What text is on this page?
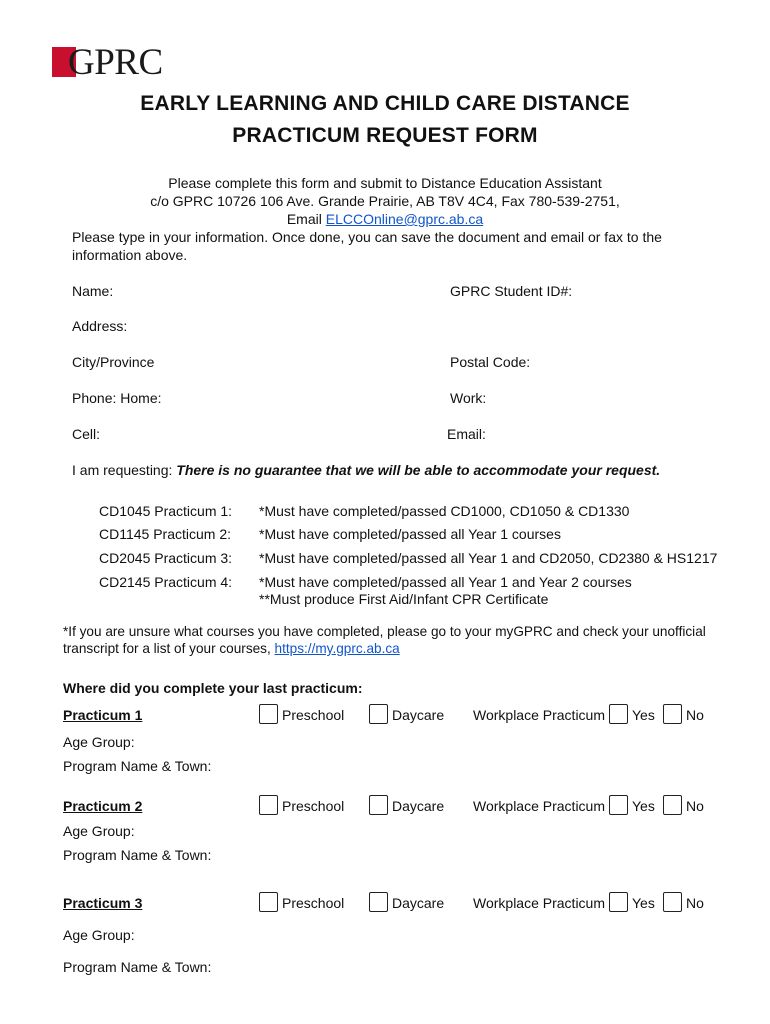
GPRC
EARLY LEARNING AND CHILD CARE DISTANCE
PRACTICUM REQUEST FORM
Please complete this form and submit to Distance Education Assistant
c/o GPRC 10726 106 Ave. Grande Prairie, AB T8V 4C4, Fax 780-539-2751,
Email ELCCOnline@gprc.ab.ca
Please type in your information. Once done, you can save the document and email or fax to the
information above.
Name:	GPRC Student ID#:
Address:
City/Province	Postal Code:
Phone: Home:	Work:
Cell:	Email:
I am requesting: There is no guarantee that we will be able to accommodate your request.
CD1045 Practicum 1: *Must have completed/passed CD1000, CD1050 & CD1330
CD1145 Practicum 2: *Must have completed/passed all Year 1 courses
CD2045 Practicum 3: *Must have completed/passed all Year 1 and CD2050, CD2380 & HS1217
CD2145 Practicum 4: *Must have completed/passed all Year 1 and Year 2 courses
**Must produce First Aid/Infant CPR Certificate
*If you are unsure what courses you have completed, please go to your myGPRC and check your unofficial
transcript for a list of your courses, https://my.gprc.ab.ca
Where did you complete your last practicum:
Practicum 1	Preschool	Daycare Workplace Practicum Yes No
Age Group:
Program Name & Town:
Practicum 2	Preschool	Daycare Workplace Practicum Yes No
Age Group:
Program Name & Town:
Practicum 3	Preschool	Daycare Workplace Practicum Yes No
Age Group:
Program Name & Town:
